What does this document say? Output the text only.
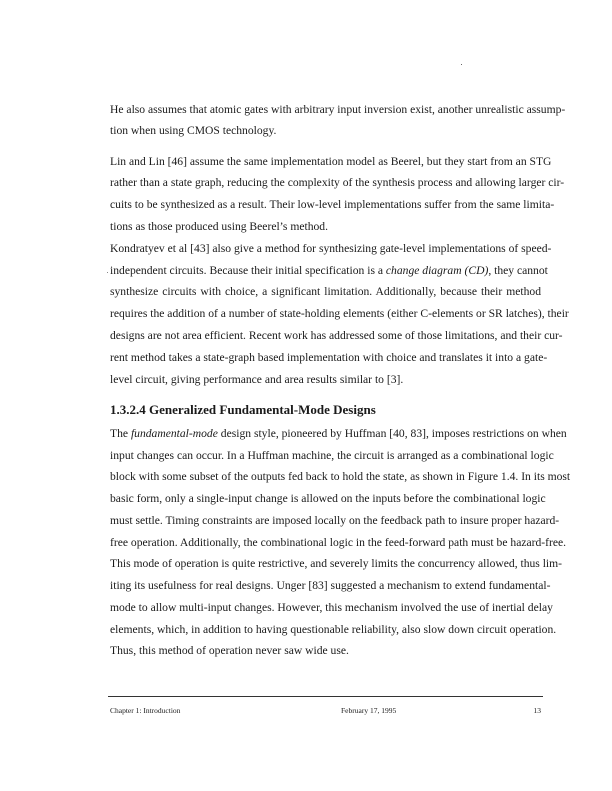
He also assumes that atomic gates with arbitrary input inversion exist, another unrealistic assump-
tion when using CMOS technology.
Lin and Lin [46] assume the same implementation model as Beerel, but they start from an STG
rather than a state graph, reducing the complexity of the synthesis process and allowing larger cir-
cuits to be synthesized as a result. Their low-level implementations suffer from the same limita-
tions as those produced using Beerel’s method.
Kondratyev et al [43] also give a method for synthesizing gate-level implementations of speed-
independent circuits. Because their initial specification is a change diagram (CD), they cannot
synthesize circuits with choice, a significant limitation. Additionally, because their method
requires the addition of a number of state-holding elements (either C-elements or SR latches), their
designs are not area efficient. Recent work has addressed some of those limitations, and their cur-
rent method takes a state-graph based implementation with choice and translates it into a gate-
level circuit, giving performance and area results similar to [3].
1.3.2.4 Generalized Fundamental-Mode Designs
The fundamental-mode design style, pioneered by Huffman [40, 83], imposes restrictions on when
input changes can occur. In a Huffman machine, the circuit is arranged as a combinational logic
block with some subset of the outputs fed back to hold the state, as shown in Figure 1.4. In its most
basic form, only a single-input change is allowed on the inputs before the combinational logic
must settle. Timing constraints are imposed locally on the feedback path to insure proper hazard-
free operation. Additionally, the combinational logic in the feed-forward path must be hazard-free.
This mode of operation is quite restrictive, and severely limits the concurrency allowed, thus lim-
iting its usefulness for real designs. Unger [83] suggested a mechanism to extend fundamental-
mode to allow multi-input changes. However, this mechanism involved the use of inertial delay
elements, which, in addition to having questionable reliability, also slow down circuit operation.
Thus, this method of operation never saw wide use.
Chapter 1: Introduction	February 17, 1995	13
